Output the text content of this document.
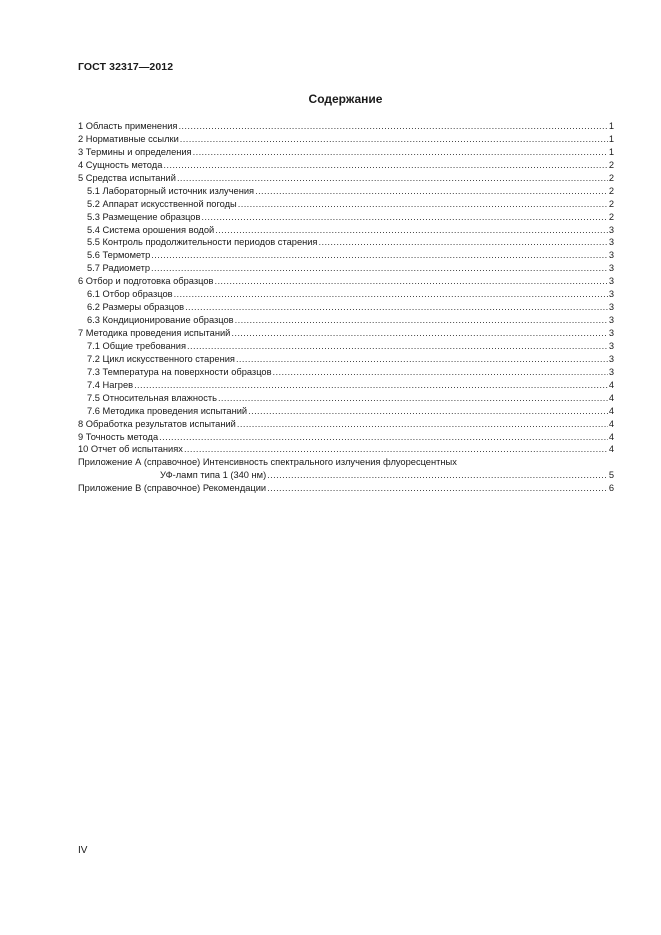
ГОСТ 32317—2012
Содержание
1 Область применения .....	1
2 Нормативные ссылки .....	1
3 Термины и определения .....	1
4 Сущность метода .....	2
5 Средства испытаний .....	2
5.1 Лабораторный источник излучения .....	2
5.2 Аппарат искусственной погоды .....	2
5.3 Размещение образцов .....	2
5.4 Система орошения водой .....	3
5.5 Контроль продолжительности периодов старения .....	3
5.6 Термометр .....	3
5.7 Радиометр .....	3
6 Отбор и подготовка образцов .....	3
6.1 Отбор образцов .....	3
6.2 Размеры образцов .....	3
6.3 Кондиционирование образцов .....	3
7 Методика проведения испытаний .....	3
7.1 Общие требования .....	3
7.2 Цикл искусственного старения .....	3
7.3 Температура на поверхности образцов .....	3
7.4 Нагрев .....	4
7.5 Относительная влажность .....	4
7.6 Методика проведения испытаний .....	4
8 Обработка результатов испытаний .....	4
9 Точность метода .....	4
10 Отчет об испытаниях .....	4
Приложение А (справочное) Интенсивность спектрального излучения флуоресцентных
УФ-ламп типа 1 (340 нм) .....	5
Приложение В (справочное) Рекомендации .....	6
IV
